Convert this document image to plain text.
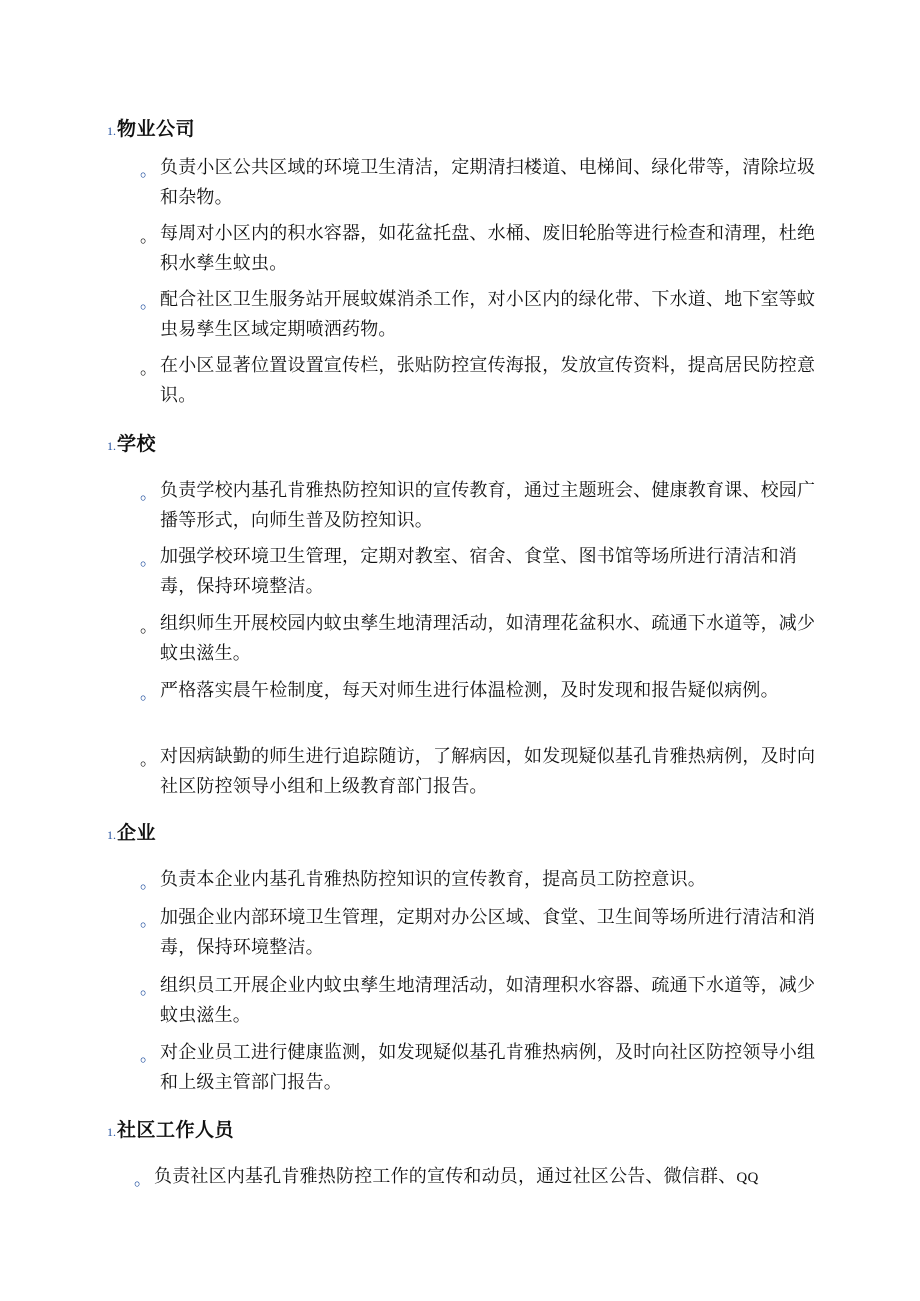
1. 物业公司
。 负责小区公共区域的环境卫生清洁，定期清扫楼道、电梯间、绿化带等，清除垃圾和杂物。
。 每周对小区内的积水容器，如花盆托盘、水桶、废旧轮胎等进行检查和清理，杜绝积水孳生蚊虫。
。 配合社区卫生服务站开展蚊媒消杀工作，对小区内的绿化带、下水道、地下室等蚊虫易孳生区域定期喷洒药物。
。 在小区显著位置设置宣传栏，张贴防控宣传海报，发放宣传资料，提高居民防控意识。
1. 学校
。 负责学校内基孔肯雅热防控知识的宣传教育，通过主题班会、健康教育课、校园广播等形式，向师生普及防控知识。
。 加强学校环境卫生管理，定期对教室、宿舍、食堂、图书馆等场所进行清洁和消毒，保持环境整洁。
。 组织师生开展校园内蚊虫孳生地清理活动，如清理花盆积水、疏通下水道等，减少蚊虫滋生。
。 严格落实晨午检制度，每天对师生进行体温检测，及时发现和报告疑似病例。
。 对因病缺勤的师生进行追踪随访，了解病因，如发现疑似基孔肯雅热病例，及时向社区防控领导小组和上级教育部门报告。
1. 企业
。 负责本企业内基孔肯雅热防控知识的宣传教育，提高员工防控意识。
。 加强企业内部环境卫生管理，定期对办公区域、食堂、卫生间等场所进行清洁和消毒，保持环境整洁。
。 组织员工开展企业内蚊虫孳生地清理活动，如清理积水容器、疏通下水道等，减少蚊虫滋生。
。 对企业员工进行健康监测，如发现疑似基孔肯雅热病例，及时向社区防控领导小组和上级主管部门报告。
1. 社区工作人员
。 负责社区内基孔肯雅热防控工作的宣传和动员，通过社区公告、微信群、QQ
